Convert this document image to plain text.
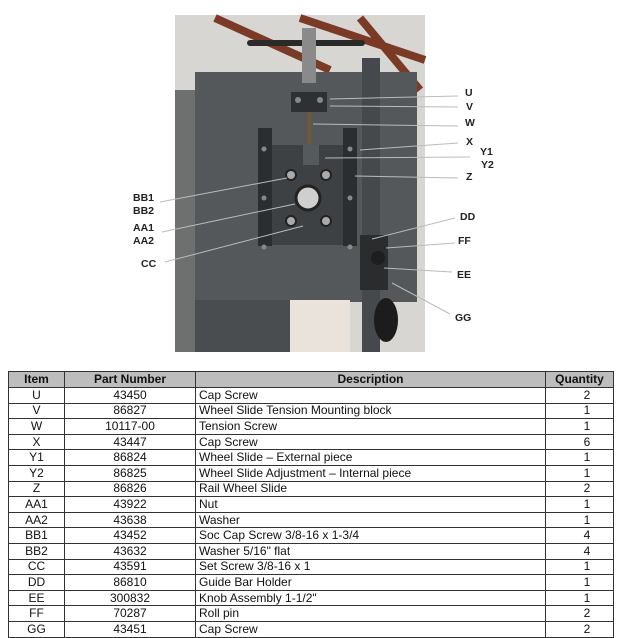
U
V
W
X
Y1
Y2
Z
DD
FF
EE
GG
BB1
BB2
AA1
AA2
CC
Item	Part Number	Description	Quantity
U	43450	Cap Screw	2
V	86827	Wheel Slide Tension Mounting block	1
W	10117-00	Tension Screw	1
X	43447	Cap Screw	6
Y1	86824	Wheel Slide – External piece	1
Y2	86825	Wheel Slide Adjustment – Internal piece	1
Z	86826	Rail Wheel Slide	2
AA1	43922	Nut	1
AA2	43638	Washer	1
BB1	43452	Soc Cap Screw 3/8-16 x 1-3/4	4
BB2	43632	Washer 5/16" flat	4
CC	43591	Set Screw 3/8-16 x 1	1
DD	86810	Guide Bar Holder	1
EE	300832	Knob Assembly 1-1/2"	1
FF	70287	Roll pin	2
GG	43451	Cap Screw	2
